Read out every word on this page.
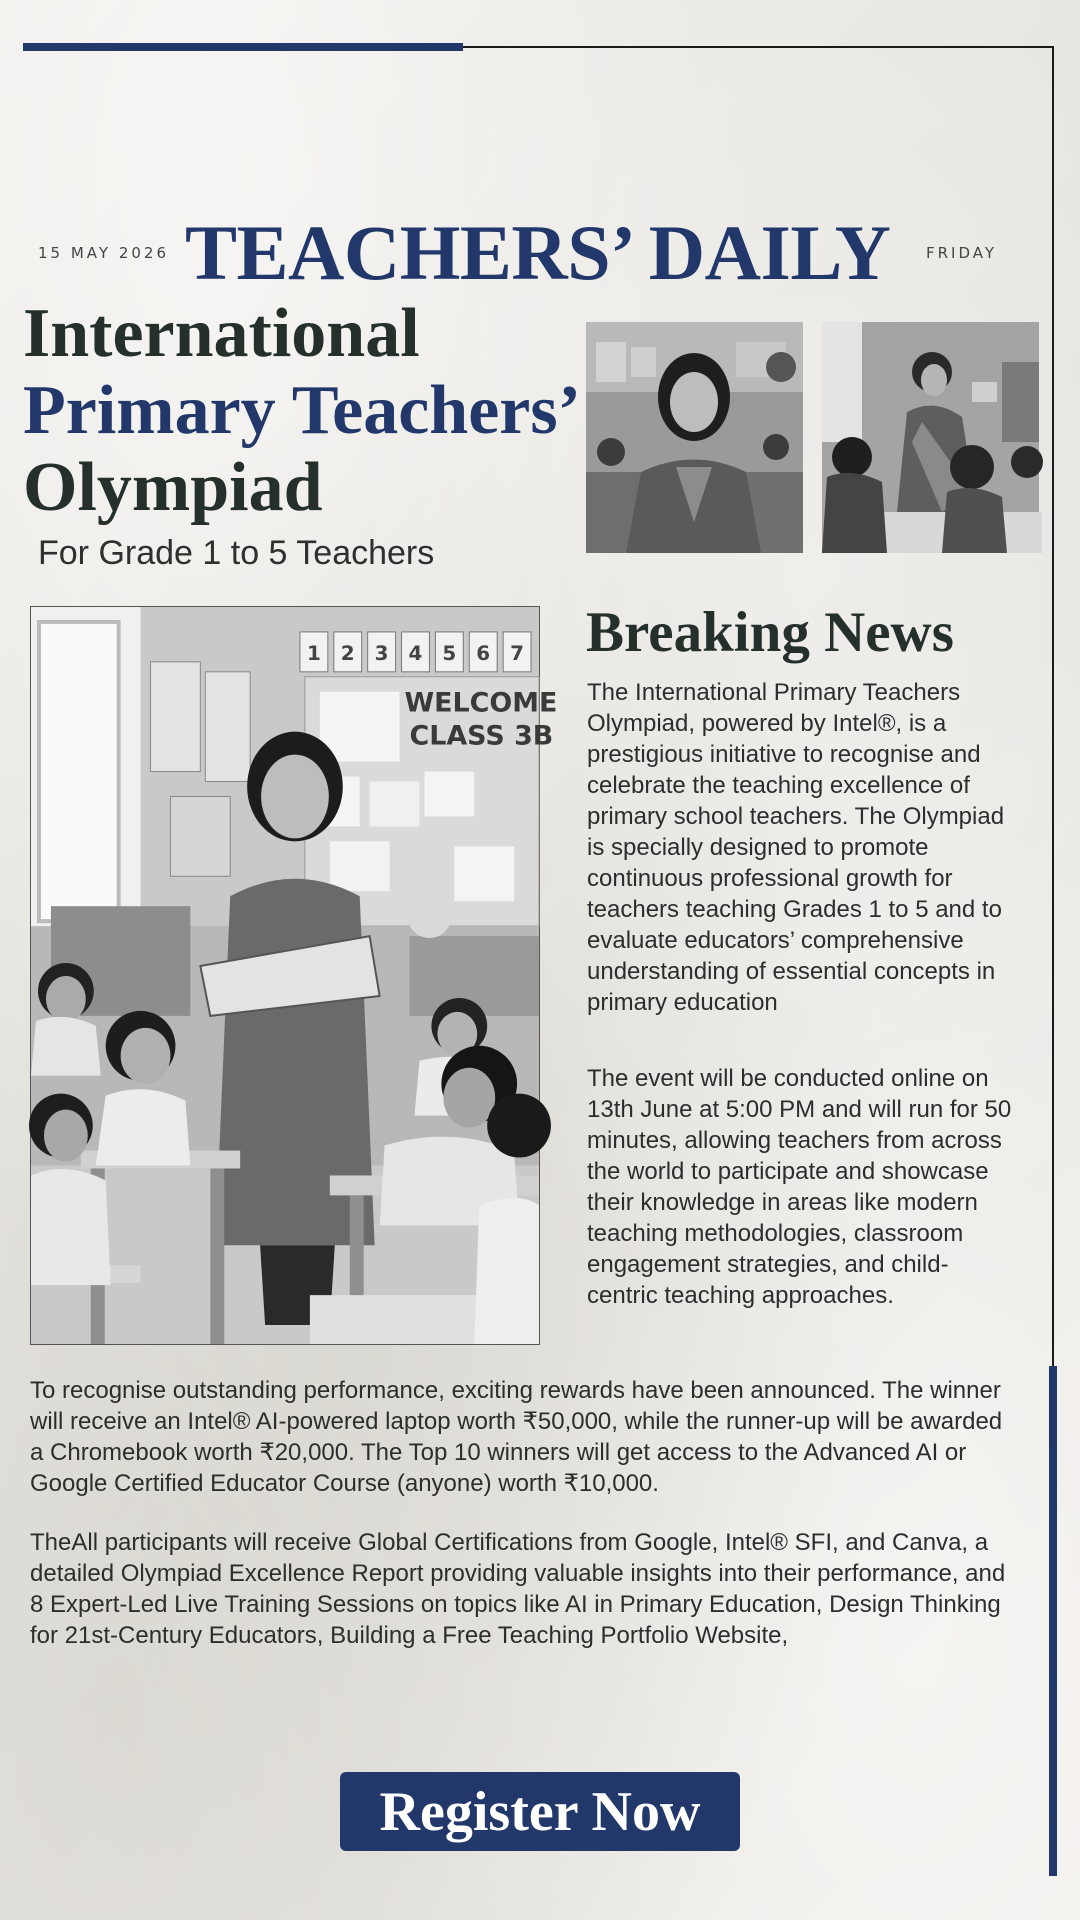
15 MAY 2026 TEACHERS’ DAILY FRIDAY
International
Primary Teachers’
Olympiad
For Grade 1 to 5 Teachers
1 2 3 4 5 6 7
WELCOME
CLASS 3B
Breaking News

The International Primary Teachers Olympiad, powered by Intel®, is a prestigious initiative to recognise and celebrate the teaching excellence of primary school teachers. The Olympiad is specially designed to promote continuous professional growth for teachers teaching Grades 1 to 5 and to evaluate educators’ comprehensive understanding of essential concepts in primary education

The event will be conducted online on 13th June at 5:00 PM and will run for 50 minutes, allowing teachers from across the world to participate and showcase their knowledge in areas like modern teaching methodologies, classroom engagement strategies, and child-centric teaching approaches.

To recognise outstanding performance, exciting rewards have been announced. The winner will receive an Intel® AI-powered laptop worth ₹50,000, while the runner-up will be awarded a Chromebook worth ₹20,000. The Top 10 winners will get access to the Advanced AI or Google Certified Educator Course (anyone) worth ₹10,000.

TheAll participants will receive Global Certifications from Google, Intel® SFI, and Canva, a detailed Olympiad Excellence Report providing valuable insights into their performance, and 8 Expert-Led Live Training Sessions on topics like AI in Primary Education, Design Thinking for 21st-Century Educators, Building a Free Teaching Portfolio Website,

Register Now
